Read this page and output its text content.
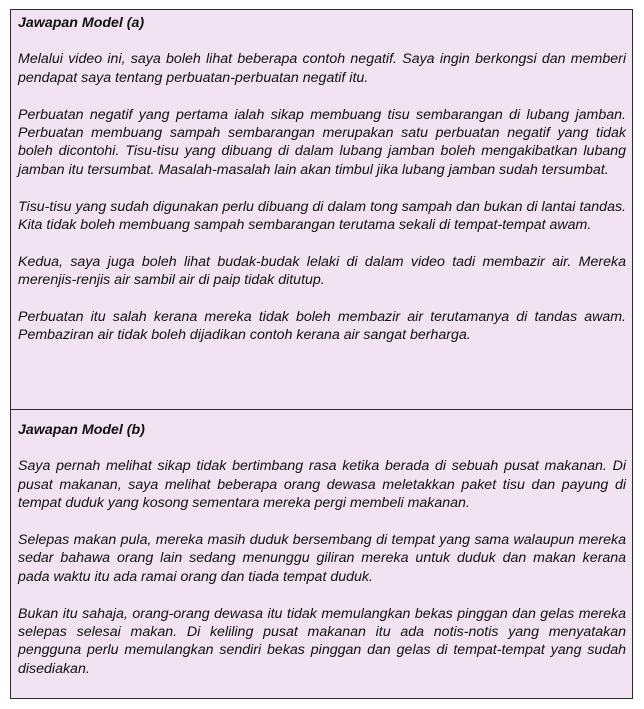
Jawapan Model (a)

Melalui video ini, saya boleh lihat beberapa contoh negatif. Saya ingin berkongsi dan memberi pendapat saya tentang perbuatan-perbuatan negatif itu.

Perbuatan negatif yang pertama ialah sikap membuang tisu sembarangan di lubang jamban. Perbuatan membuang sampah sembarangan merupakan satu perbuatan negatif yang tidak boleh dicontohi. Tisu-tisu yang dibuang di dalam lubang jamban boleh mengakibatkan lubang jamban itu tersumbat. Masalah-masalah lain akan timbul jika lubang jamban sudah tersumbat.

Tisu-tisu yang sudah digunakan perlu dibuang di dalam tong sampah dan bukan di lantai tandas. Kita tidak boleh membuang sampah sembarangan terutama sekali di tempat-tempat awam.

Kedua, saya juga boleh lihat budak-budak lelaki di dalam video tadi membazir air. Mereka merenjis-renjis air sambil air di paip tidak ditutup.

Perbuatan itu salah kerana mereka tidak boleh membazir air terutamanya di tandas awam. Pembaziran air tidak boleh dijadikan contoh kerana air sangat berharga.

Jawapan Model (b)

Saya pernah melihat sikap tidak bertimbang rasa ketika berada di sebuah pusat makanan. Di pusat makanan, saya melihat beberapa orang dewasa meletakkan paket tisu dan payung di tempat duduk yang kosong sementara mereka pergi membeli makanan.

Selepas makan pula, mereka masih duduk bersembang di tempat yang sama walaupun mereka sedar bahawa orang lain sedang menunggu giliran mereka untuk duduk dan makan kerana pada waktu itu ada ramai orang dan tiada tempat duduk.

Bukan itu sahaja, orang-orang dewasa itu tidak memulangkan bekas pinggan dan gelas mereka selepas selesai makan. Di keliling pusat makanan itu ada notis-notis yang menyatakan pengguna perlu memulangkan sendiri bekas pinggan dan gelas di tempat-tempat yang sudah disediakan.
